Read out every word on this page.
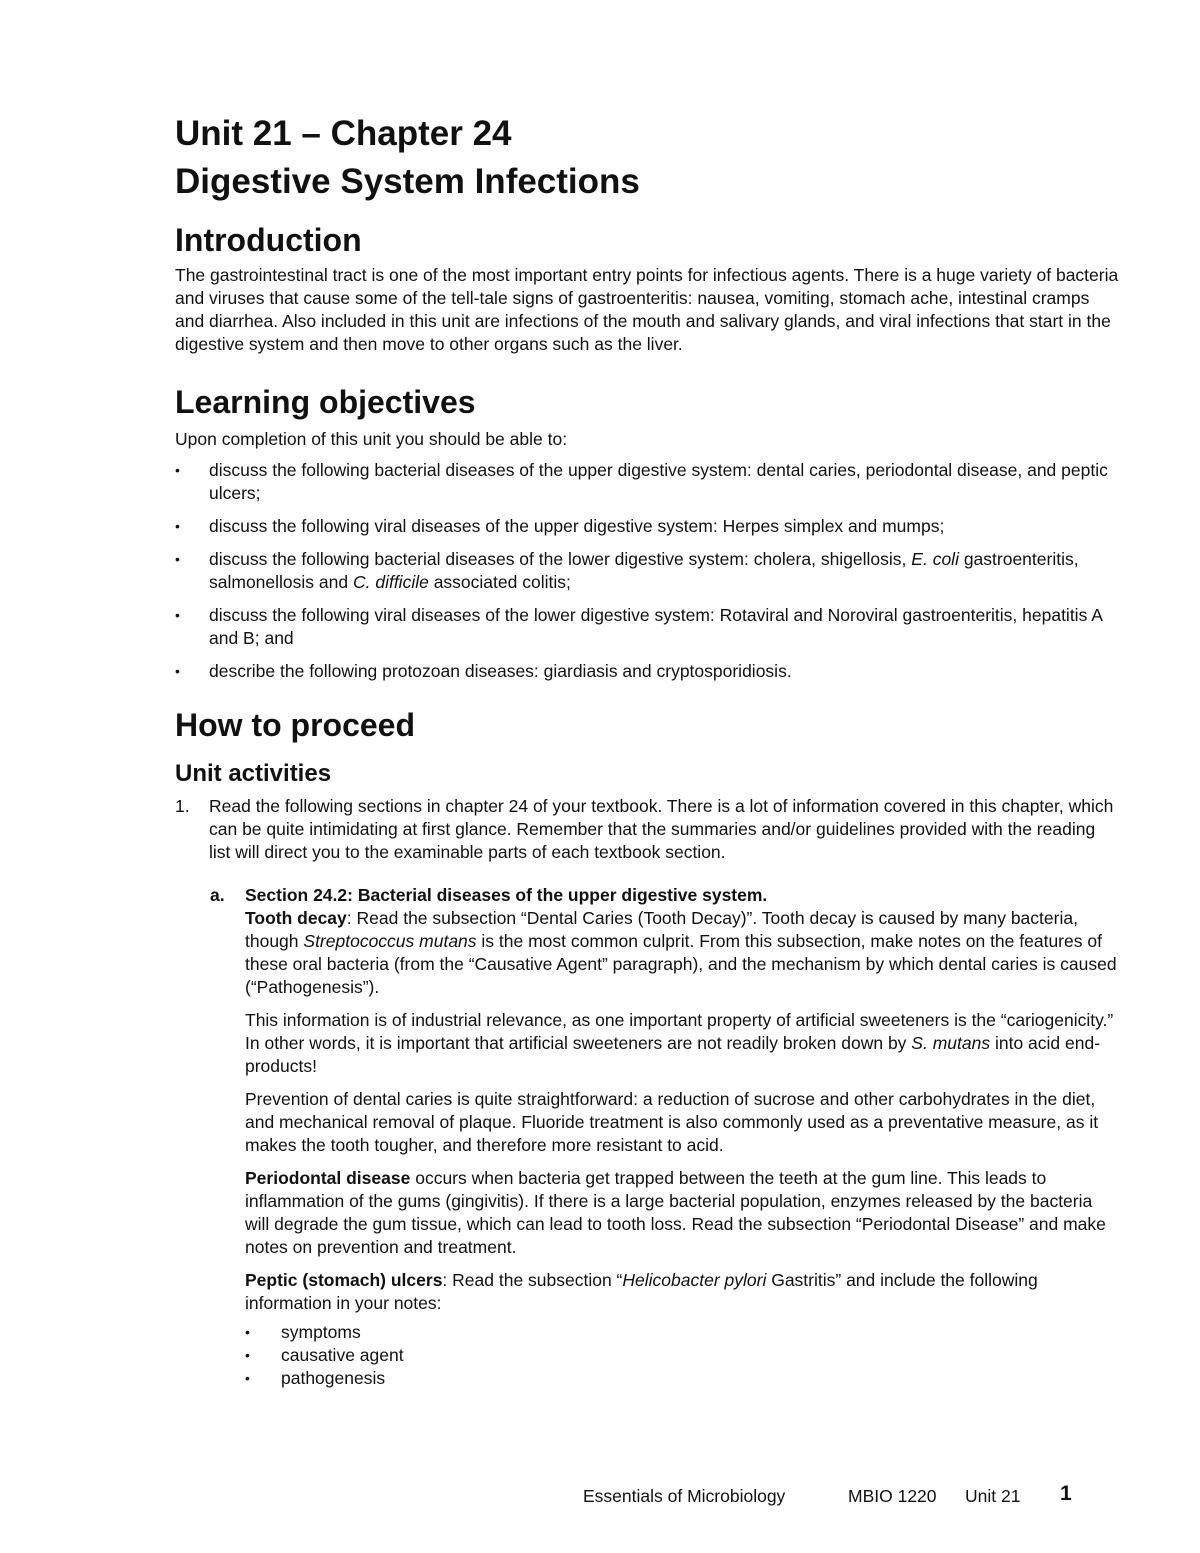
Unit 21 – Chapter 24
Digestive System Infections
Introduction

The gastrointestinal tract is one of the most important entry points for infectious agents. There is a huge variety of bacteria and viruses that cause some of the tell-tale signs of gastroenteritis: nausea, vomiting, stomach ache, intestinal cramps and diarrhea. Also included in this unit are infections of the mouth and salivary glands, and viral infections that start in the digestive system and then move to other organs such as the liver.

Learning objectives

Upon completion of this unit you should be able to:

• discuss the following bacterial diseases of the upper digestive system: dental caries, periodontal disease, and peptic ulcers;
• discuss the following viral diseases of the upper digestive system: Herpes simplex and mumps;
• discuss the following bacterial diseases of the lower digestive system: cholera, shigellosis, E. coli gastroenteritis, salmonellosis and C. difficile associated colitis;
• discuss the following viral diseases of the lower digestive system: Rotaviral and Noroviral gastroenteritis, hepatitis A and B; and
• describe the following protozoan diseases: giardiasis and cryptosporidiosis.
How to proceed
Unit activities
1. Read the following sections in chapter 24 of your textbook. There is a lot of information covered in this chapter, which can be quite intimidating at first glance. Remember that the summaries and/or guidelines provided with the reading list will direct you to the examinable parts of each textbook section.
a. Section 24.2: Bacterial diseases of the upper digestive system.

Tooth decay: Read the subsection “Dental Caries (Tooth Decay)”. Tooth decay is caused by many bacteria, though Streptococcus mutans is the most common culprit. From this subsection, make notes on the features of these oral bacteria (from the “Causative Agent” paragraph), and the mechanism by which dental caries is caused (“Pathogenesis”).

This information is of industrial relevance, as one important property of artificial sweeteners is the “cariogenicity.” In other words, it is important that artificial sweeteners are not readily broken down by S. mutans into acid end-products!

Prevention of dental caries is quite straightforward: a reduction of sucrose and other carbohydrates in the diet, and mechanical removal of plaque. Fluoride treatment is also commonly used as a preventative measure, as it makes the tooth tougher, and therefore more resistant to acid.

Periodontal disease occurs when bacteria get trapped between the teeth at the gum line. This leads to inflammation of the gums (gingivitis). If there is a large bacterial population, enzymes released by the bacteria will degrade the gum tissue, which can lead to tooth loss. Read the subsection “Periodontal Disease” and make notes on prevention and treatment.

Peptic (stomach) ulcers: Read the subsection “Helicobacter pylori Gastritis” and include the following information in your notes:

• symptoms
• causative agent
• pathogenesis
Essentials of Microbiology	MBIO 1220 Unit 21 1
